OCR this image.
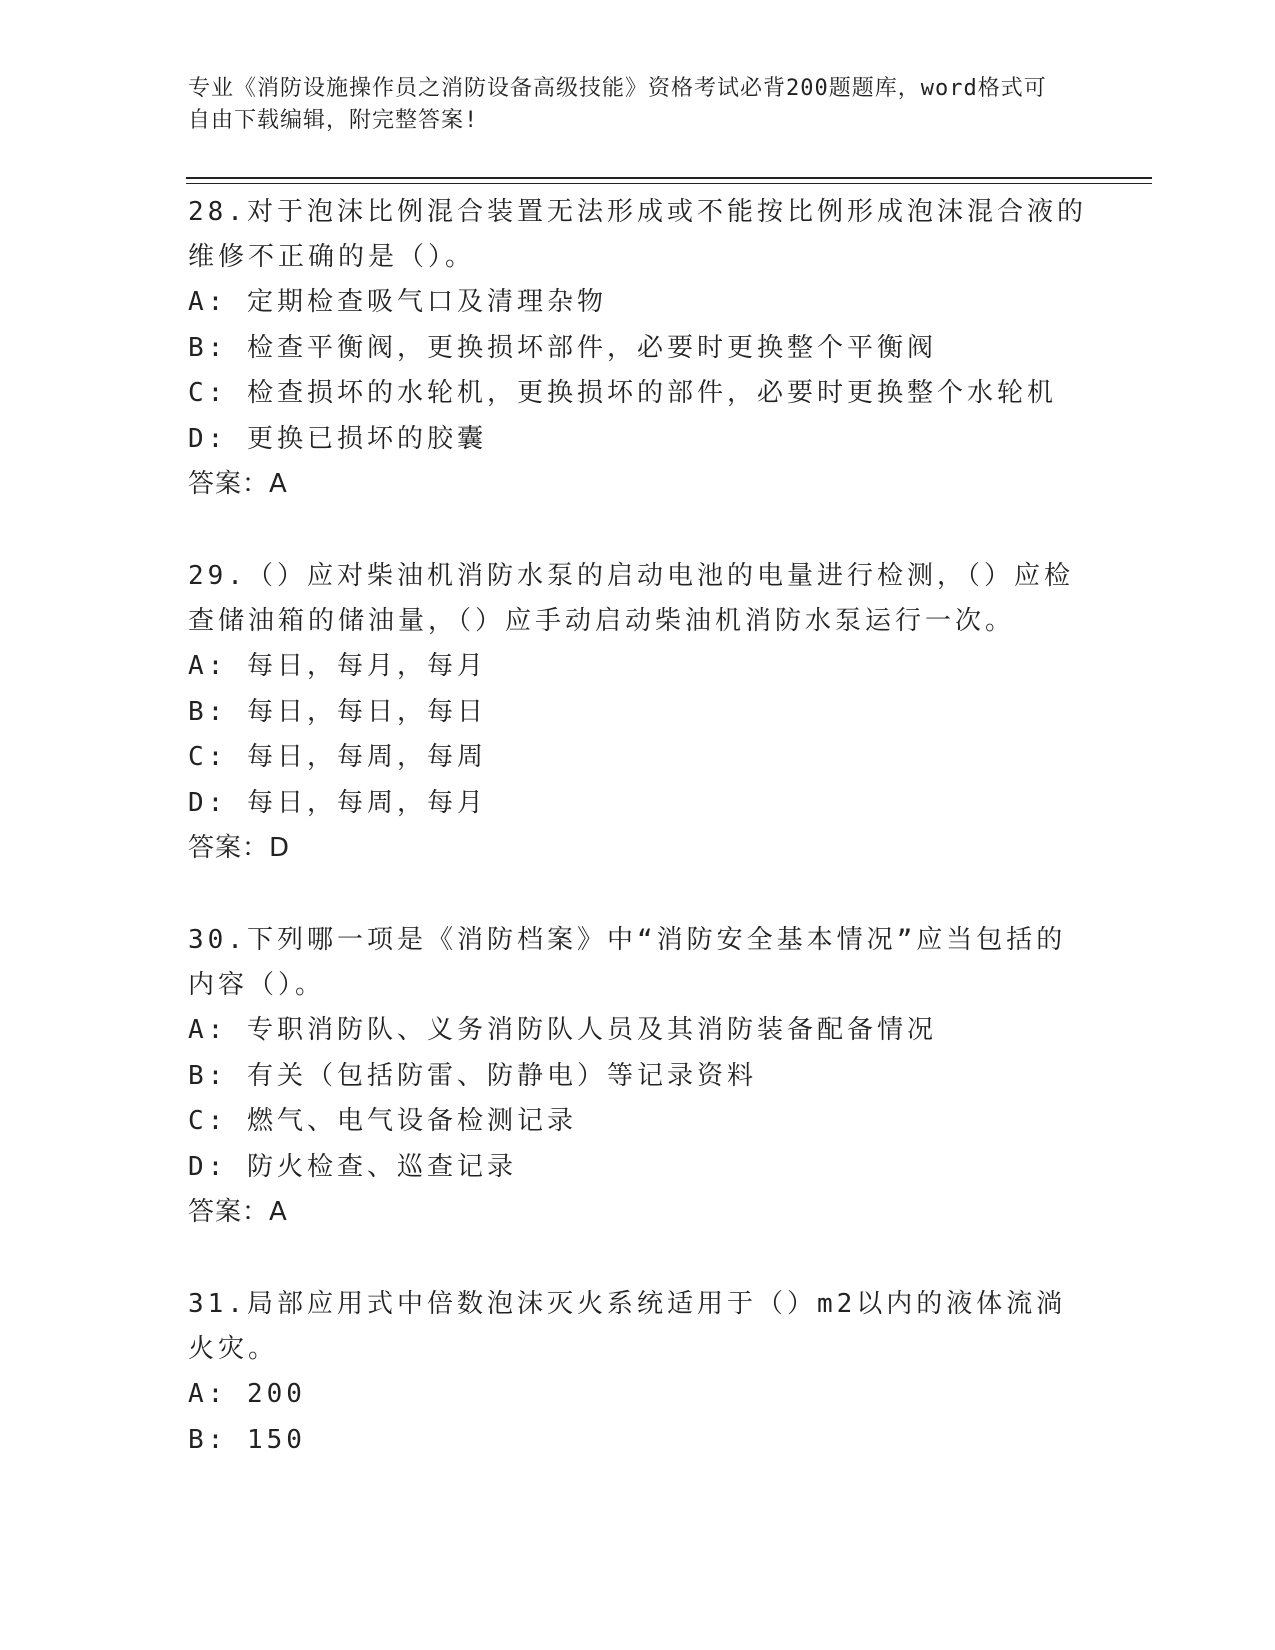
专业《消防设施操作员之消防设备高级技能》资格考试必背200题题库，word格式可自由下载编辑，附完整答案!

28.对于泡沫比例混合装置无法形成或不能按比例形成泡沫混合液的维修不正确的是（）。

A: 定期检查吸气口及清理杂物

B: 检查平衡阀，更换损坏部件，必要时更换整个平衡阀

C: 检查损坏的水轮机，更换损坏的部件，必要时更换整个水轮机

D: 更换已损坏的胶囊

答案：A

29.（）应对柴油机消防水泵的启动电池的电量进行检测，（）应检查储油箱的储油量，（）应手动启动柴油机消防水泵运行一次。

A: 每日，每月，每月

B: 每日，每日，每日

C: 每日，每周，每周

D: 每日，每周，每月

答案：D

30.下列哪一项是《消防档案》中“消防安全基本情况”应当包括的内容（）。

A: 专职消防队、义务消防队人员及其消防装备配备情况

B: 有关（包括防雷、防静电）等记录资料

C: 燃气、电气设备检测记录

D: 防火检查、巡查记录

答案：A

31.局部应用式中倍数泡沫灭火系统适用于（）m2以内的液体流淌火灾。

A: 200

B: 150
